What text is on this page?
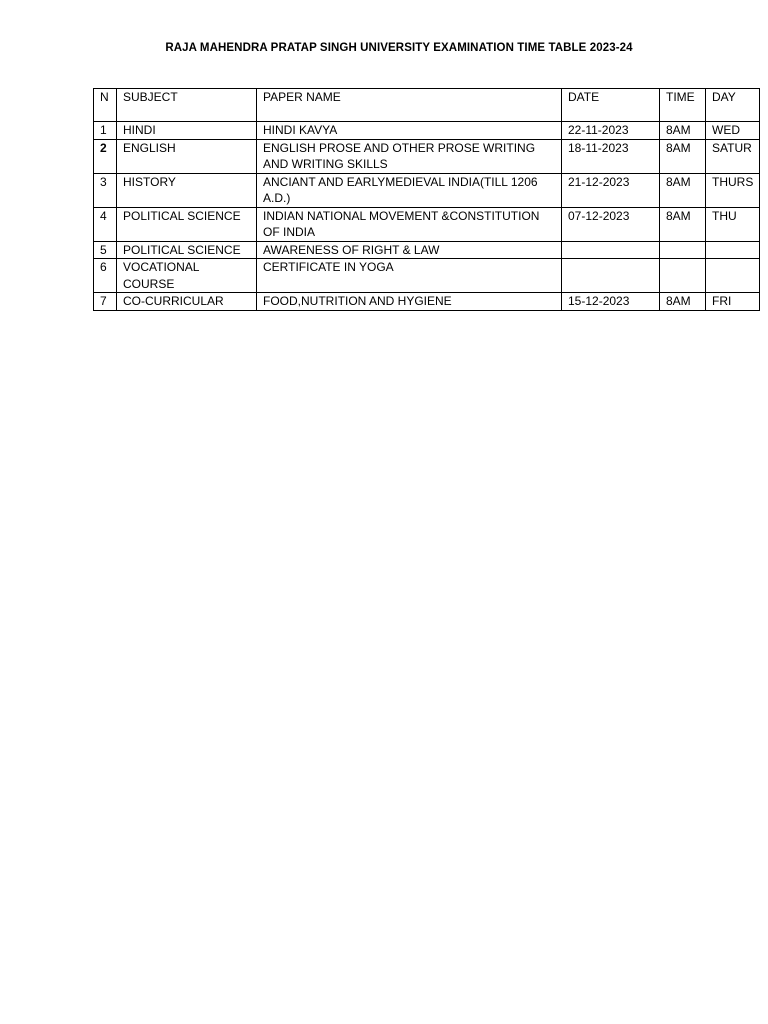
RAJA MAHENDRA PRATAP SINGH UNIVERSITY EXAMINATION TIME TABLE 2023-24
N	SUBJECT	PAPER NAME	DATE	TIME	DAY
1	HINDI	HINDI KAVYA	22-11-2023	8AM	WED
2	ENGLISH	ENGLISH PROSE AND OTHER PROSE WRITING AND WRITING SKILLS	18-11-2023	8AM	SATUR
3	HISTORY	ANCIANT AND EARLYMEDIEVAL INDIA(TILL 1206 A.D.)	21-12-2023	8AM	THURS
4	POLITICAL SCIENCE	INDIAN NATIONAL MOVEMENT &CONSTITUTION OF INDIA	07-12-2023	8AM	THU
5	POLITICAL SCIENCE	AWARENESS OF RIGHT & LAW			
6	VOCATIONAL COURSE	CERTIFICATE IN YOGA			
7	CO-CURRICULAR	FOOD,NUTRITION AND HYGIENE	15-12-2023	8AM	FRI
